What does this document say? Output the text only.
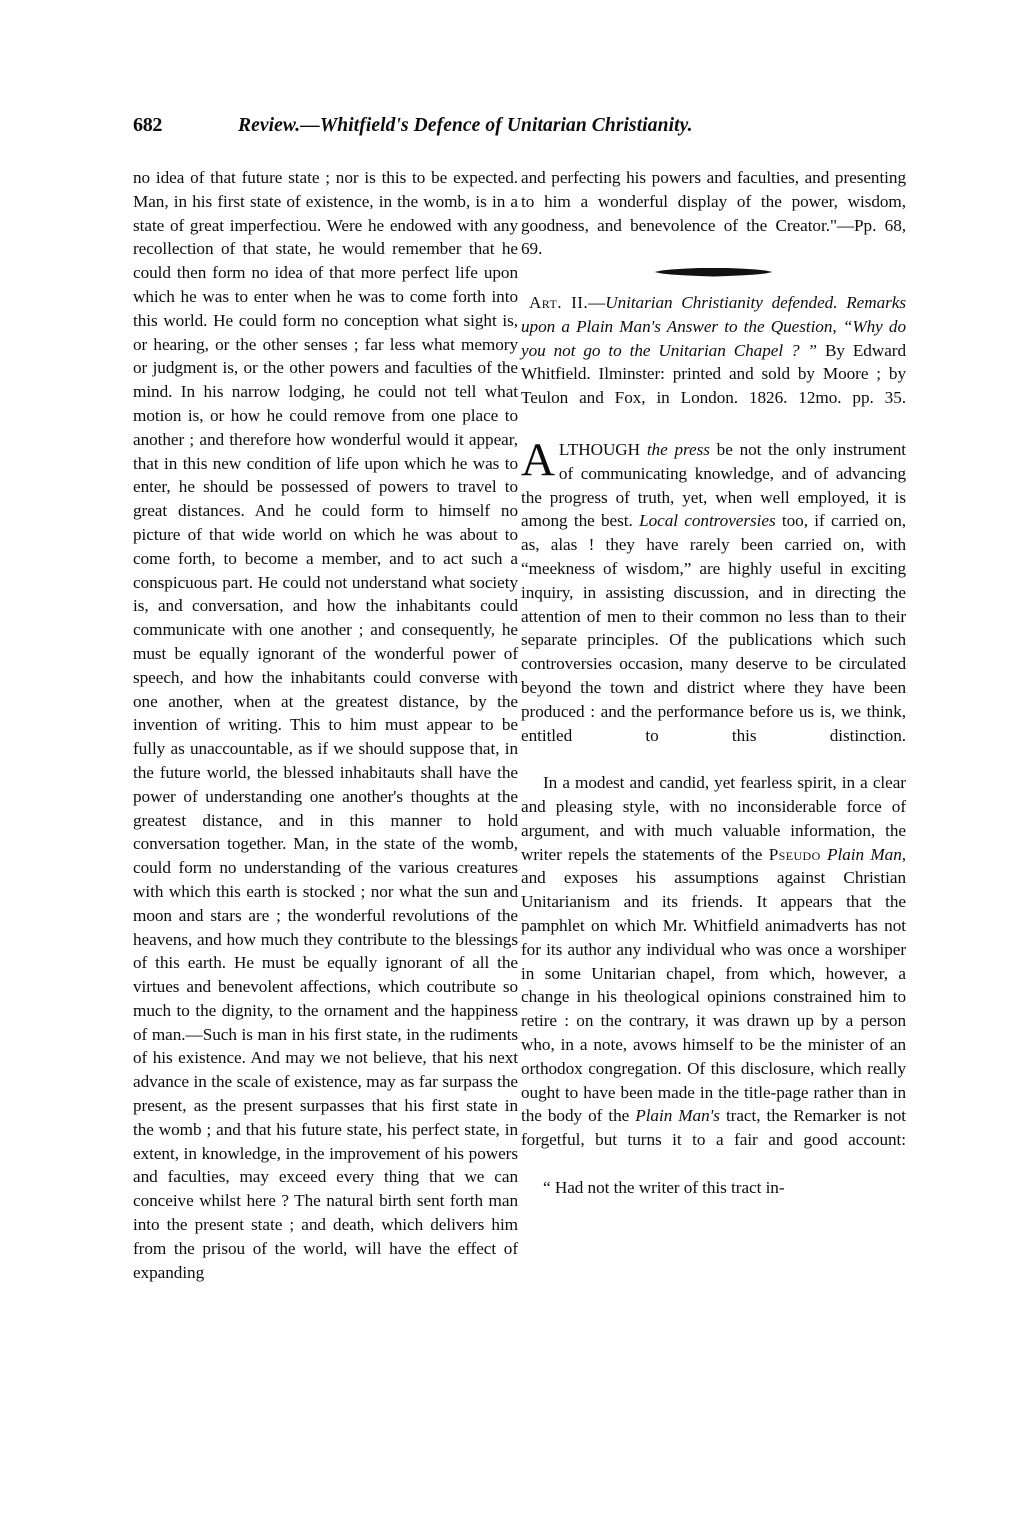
682	Review.—Whitfield's Defence of Unitarian Christianity.

no idea of that future state ; nor is this to be expected. Man, in his first state of existence, in the womb, is in a state of great imperfectiou. Were he endowed with any recollection of that state, he would remember that he could then form no idea of that more perfect life upon which he was to enter when he was to come forth into this world. He could form no conception what sight is, or hearing, or the other senses ; far less what memory or judgment is, or the other powers and faculties of the mind. In his narrow lodging, he could not tell what motion is, or how he could remove from one place to another ; and therefore how wonderful would it appear, that in this new condition of life upon which he was to enter, he should be possessed of powers to travel to great distances. And he could form to himself no picture of that wide world on which he was about to come forth, to become a member, and to act such a conspicuous part. He could not understand what society is, and conversation, and how the inhabitants could communicate with one another ; and consequently, he must be equally ignorant of the wonderful power of speech, and how the inhabitants could converse with one another, when at the greatest distance, by the invention of writing. This to him must appear to be fully as unaccountable, as if we should suppose that, in the future world, the blessed inhabitauts shall have the power of understanding one another's thoughts at the greatest distance, and in this manner to hold conversation together. Man, in the state of the womb, could form no understanding of the various creatures with which this earth is stocked ; nor what the sun and moon and stars are ; the wonderful revolutions of the heavens, and how much they contribute to the blessings of this earth. He must be equally ignorant of all the virtues and benevolent affections, which coutribute so much to the dignity, to the ornament and the happiness of man.—Such is man in his first state, in the rudiments of his existence. And may we not believe, that his next advance in the scale of existence, may as far surpass the present, as the present surpasses that his first state in the womb ; and that his future state, his perfect state, in extent, in knowledge, in the improvement of his powers and faculties, may exceed every thing that we can conceive whilst here ? The natural birth sent forth man into the present state ; and death, which delivers him from the prisou of the world, will have the effect of expanding

and perfecting his powers and faculties, and presenting to him a wonderful display of the power, wisdom, goodness, and benevolence of the Creator."—Pp. 68, 69.

Art. II.—Unitarian Christianity defended. Remarks upon a Plain Man's Answer to the Question, “Why do you not go to the Unitarian Chapel ? ” By Edward Whitfield. Ilminster: printed and sold by Moore ; by Teulon and Fox, in London. 1826. 12mo. pp. 35.

ALTHOUGH the press be not the only instrument of communicating knowledge, and of advancing the progress of truth, yet, when well employed, it is among the best. Local controversies too, if carried on, as, alas ! they have rarely been carried on, with “meekness of wisdom,” are highly useful in exciting inquiry, in assisting discussion, and in directing the attention of men to their common no less than to their separate principles. Of the publications which such controversies occasion, many deserve to be circulated beyond the town and district where they have been produced : and the performance before us is, we think, entitled to this distinction.

In a modest and candid, yet fearless spirit, in a clear and pleasing style, with no inconsiderable force of argument, and with much valuable information, the writer repels the statements of the Pseudo Plain Man, and exposes his assumptions against Christian Unitarianism and its friends. It appears that the pamphlet on which Mr. Whitfield animadverts has not for its author any individual who was once a worshiper in some Unitarian chapel, from which, however, a change in his theological opinions constrained him to retire : on the contrary, it was drawn up by a person who, in a note, avows himself to be the minister of an orthodox congregation. Of this disclosure, which really ought to have been made in the title-page rather than in the body of the Plain Man's tract, the Remarker is not forgetful, but turns it to a fair and good account:

“ Had not the writer of this tract in-
